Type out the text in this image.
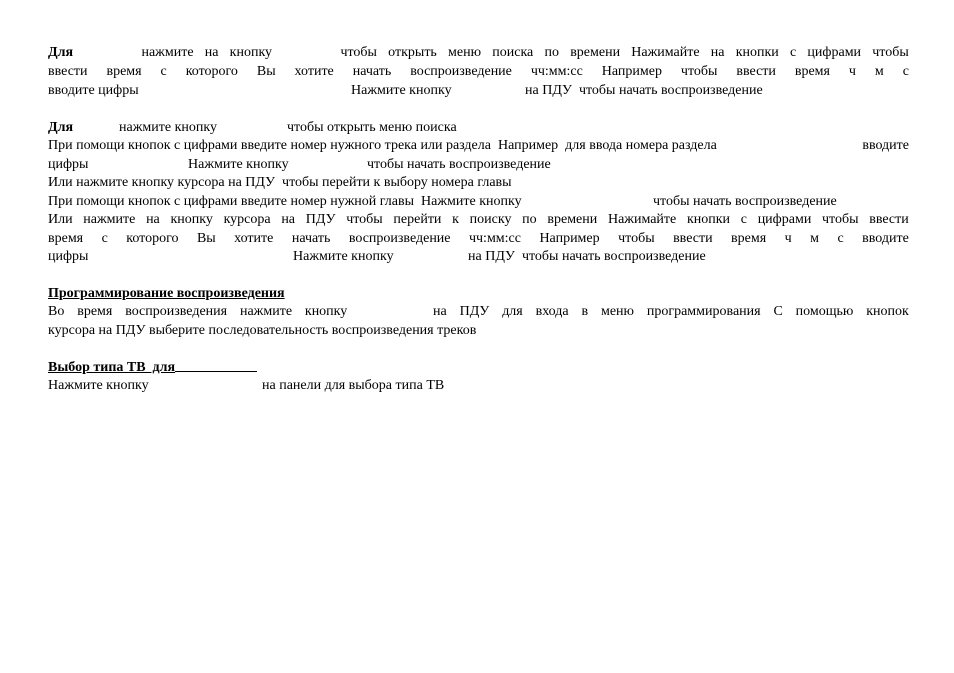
Для	нажмите на кнопку	чтобы открыть меню поиска по времени Нажимайте на кнопки с цифрами чтобы
ввести время с которого Вы хотите начать воспроизведение чч:мм:сс Например чтобы ввести время ч м с
вводите цифры	Нажмите кнопку	на ПДУ  чтобы начать воспроизведение
Для	нажмите кнопку	чтобы открыть меню поиска
При помощи кнопок с цифрами введите номер нужного трека или раздела  Например  для ввода номера раздела	вводите
цифры	Нажмите кнопку	чтобы начать воспроизведение
Или нажмите кнопку курсора на ПДУ  чтобы перейти к выбору номера главы
При помощи кнопок с цифрами введите номер нужной главы  Нажмите кнопку	чтобы начать воспроизведение
Или нажмите на кнопку курсора на ПДУ чтобы перейти к поиску по времени Нажимайте кнопки с цифрами чтобы ввести
время с которого Вы хотите начать воспроизведение чч:мм:сс Например чтобы ввести время ч м с вводите
цифры	Нажмите кнопку	на ПДУ  чтобы начать воспроизведение
Программирование воспроизведения
Во время воспроизведения нажмите кнопку	на ПДУ для входа в меню программирования С помощью кнопок
курсора на ПДУ выберите последовательность воспроизведения треков
Выбор типа ТВ  для
Нажмите кнопку	на панели для выбора типа ТВ
